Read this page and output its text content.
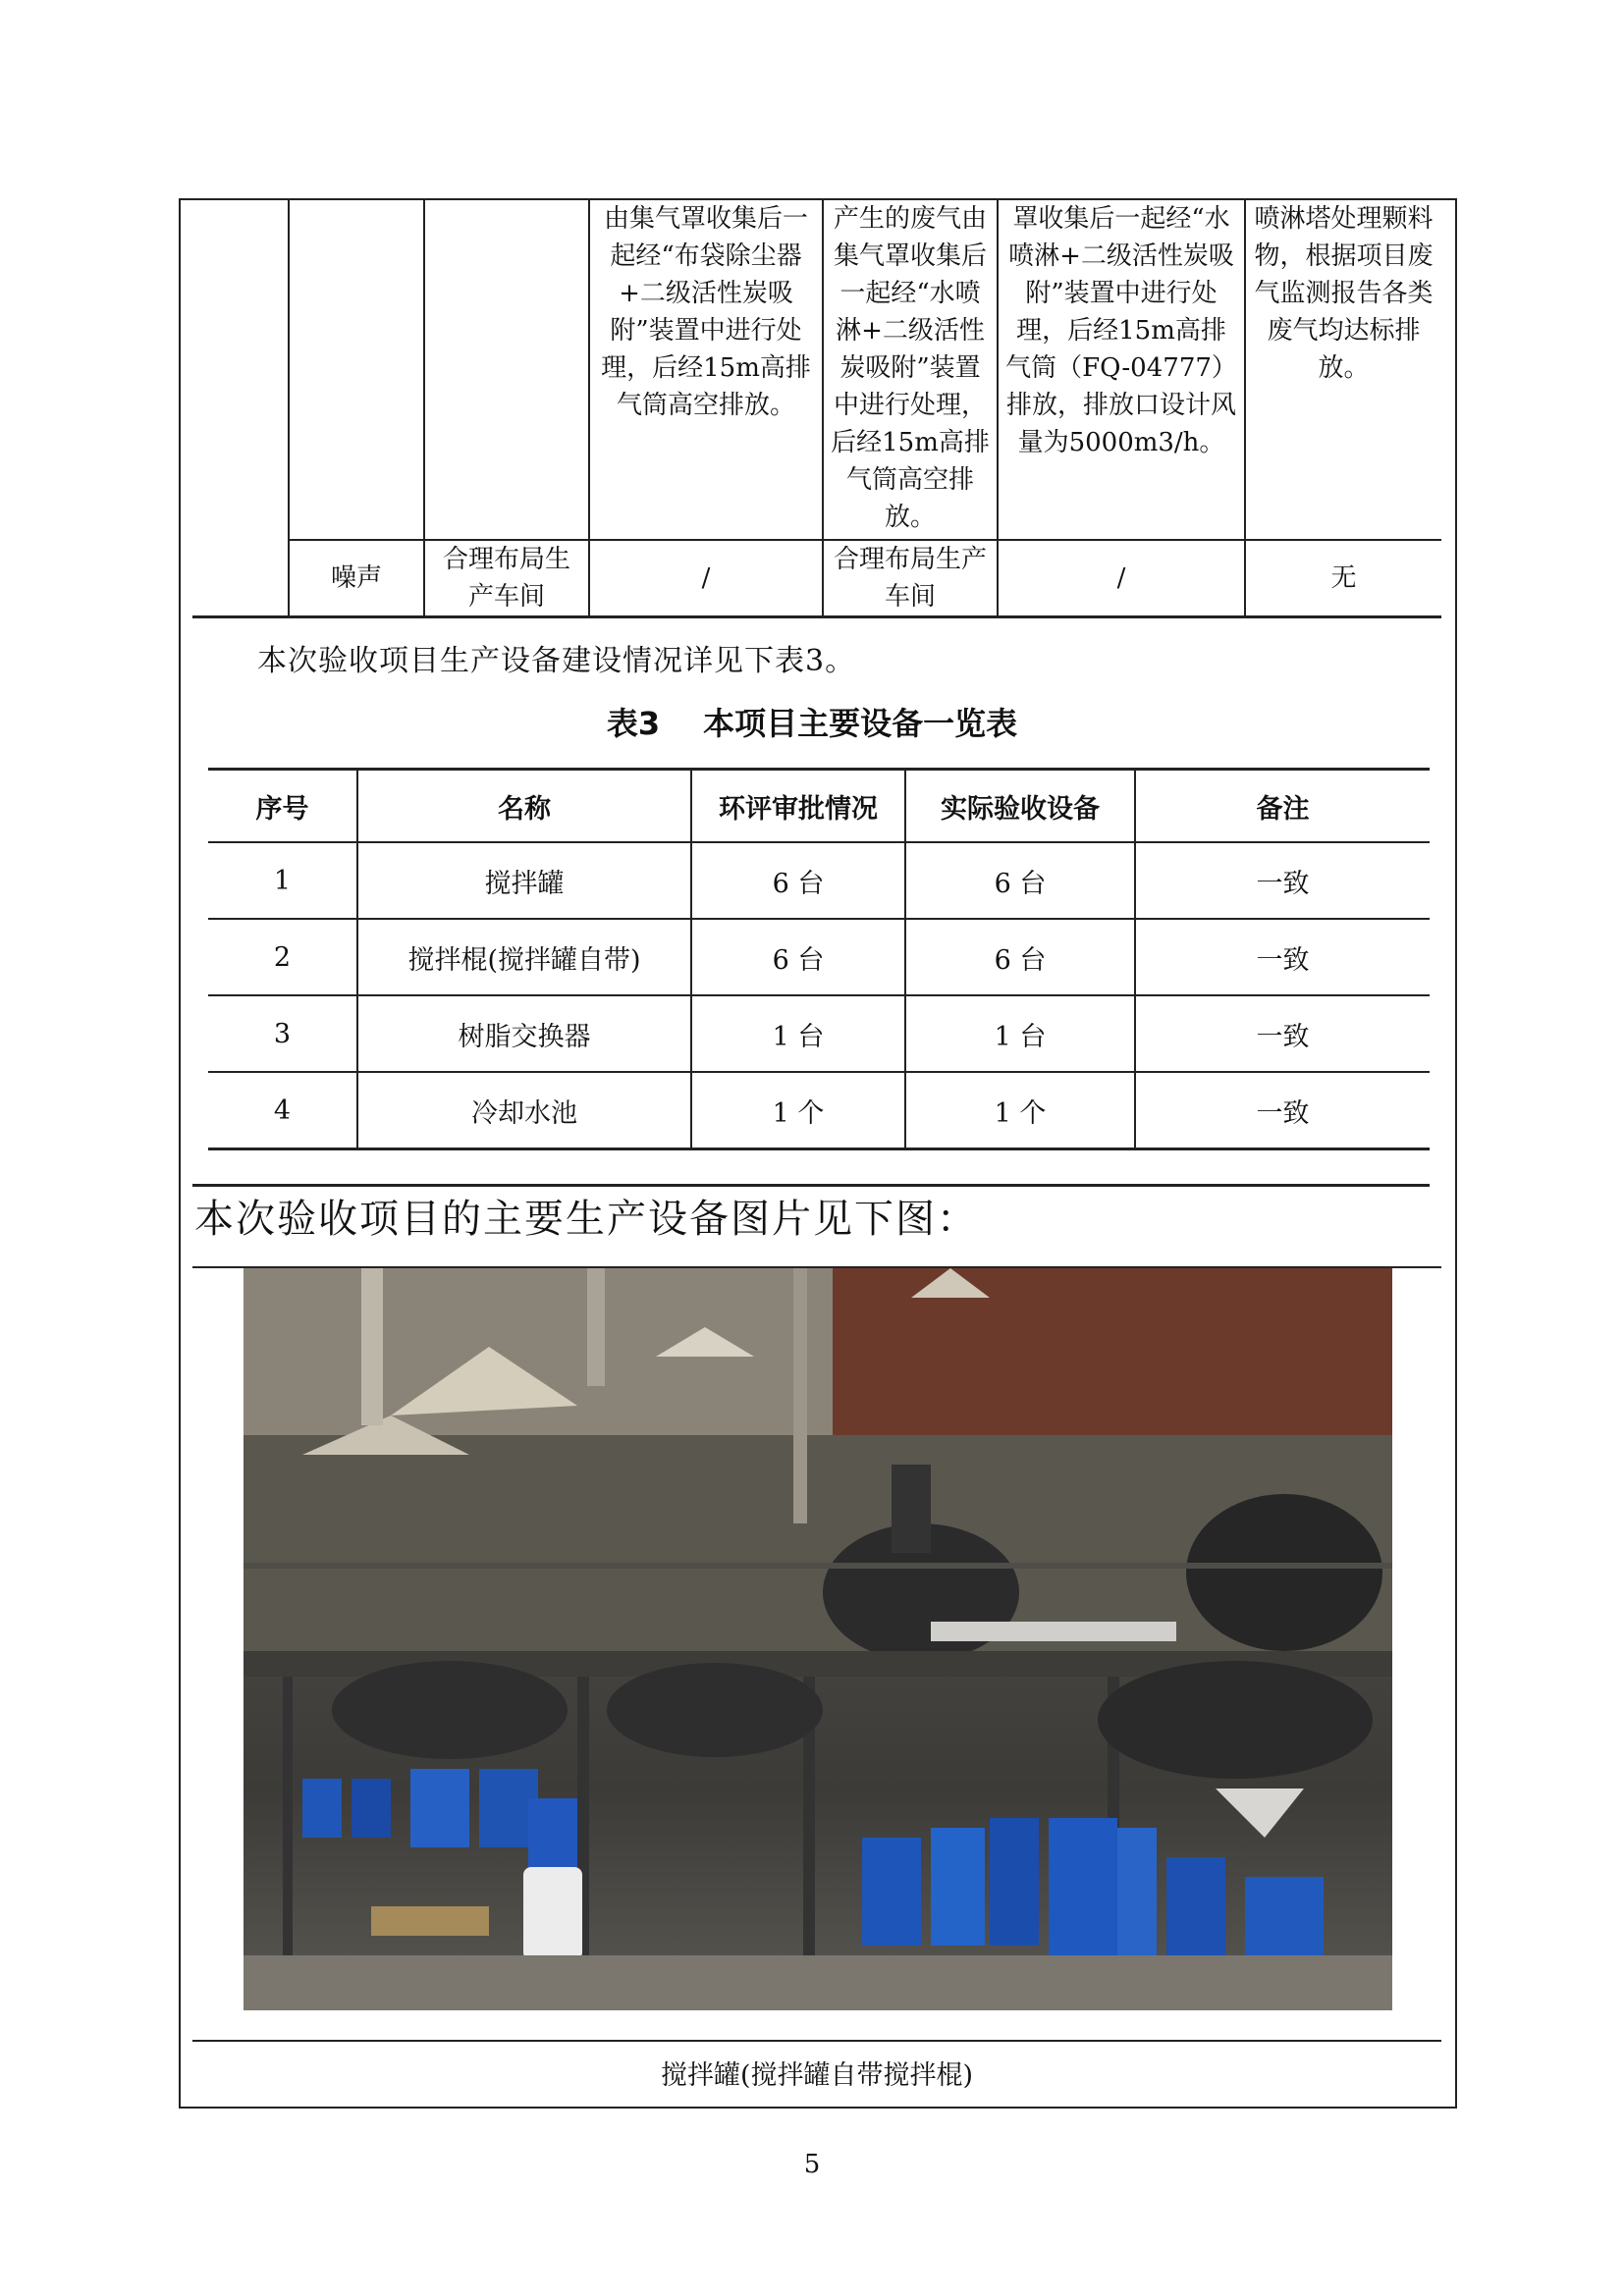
			由集气罩收集后一起经“布袋除尘器+二级活性炭吸附”装置中进行处理，后经15m高排气筒高空排放。	产生的废气由集气罩收集后一起经“水喷淋+二级活性炭吸附”装置中进行处理，后经15m高排气筒高空排放。	罩收集后一起经“水喷淋+二级活性炭吸附”装置中进行处理，后经15m高排气筒（FQ-04777）排放，排放口设计风量为5000m3/h。	喷淋塔处理颗料物，根据项目废气监测报告各类废气均达标排放。
	噪声	合理布局生产车间	/	合理布局生产车间	/	无
本次验收项目生产设备建设情况详见下表3。
表3 本项目主要设备一览表
序号	名称	环评审批情况	实际验收设备	备注
1	搅拌罐	6 台	6 台	一致
2	搅拌棍(搅拌罐自带)	6 台	6 台	一致
3	树脂交换器	1 台	1 台	一致
4	冷却水池	1 个	1 个	一致
本次验收项目的主要生产设备图片见下图：
搅拌罐(搅拌罐自带搅拌棍)
5
